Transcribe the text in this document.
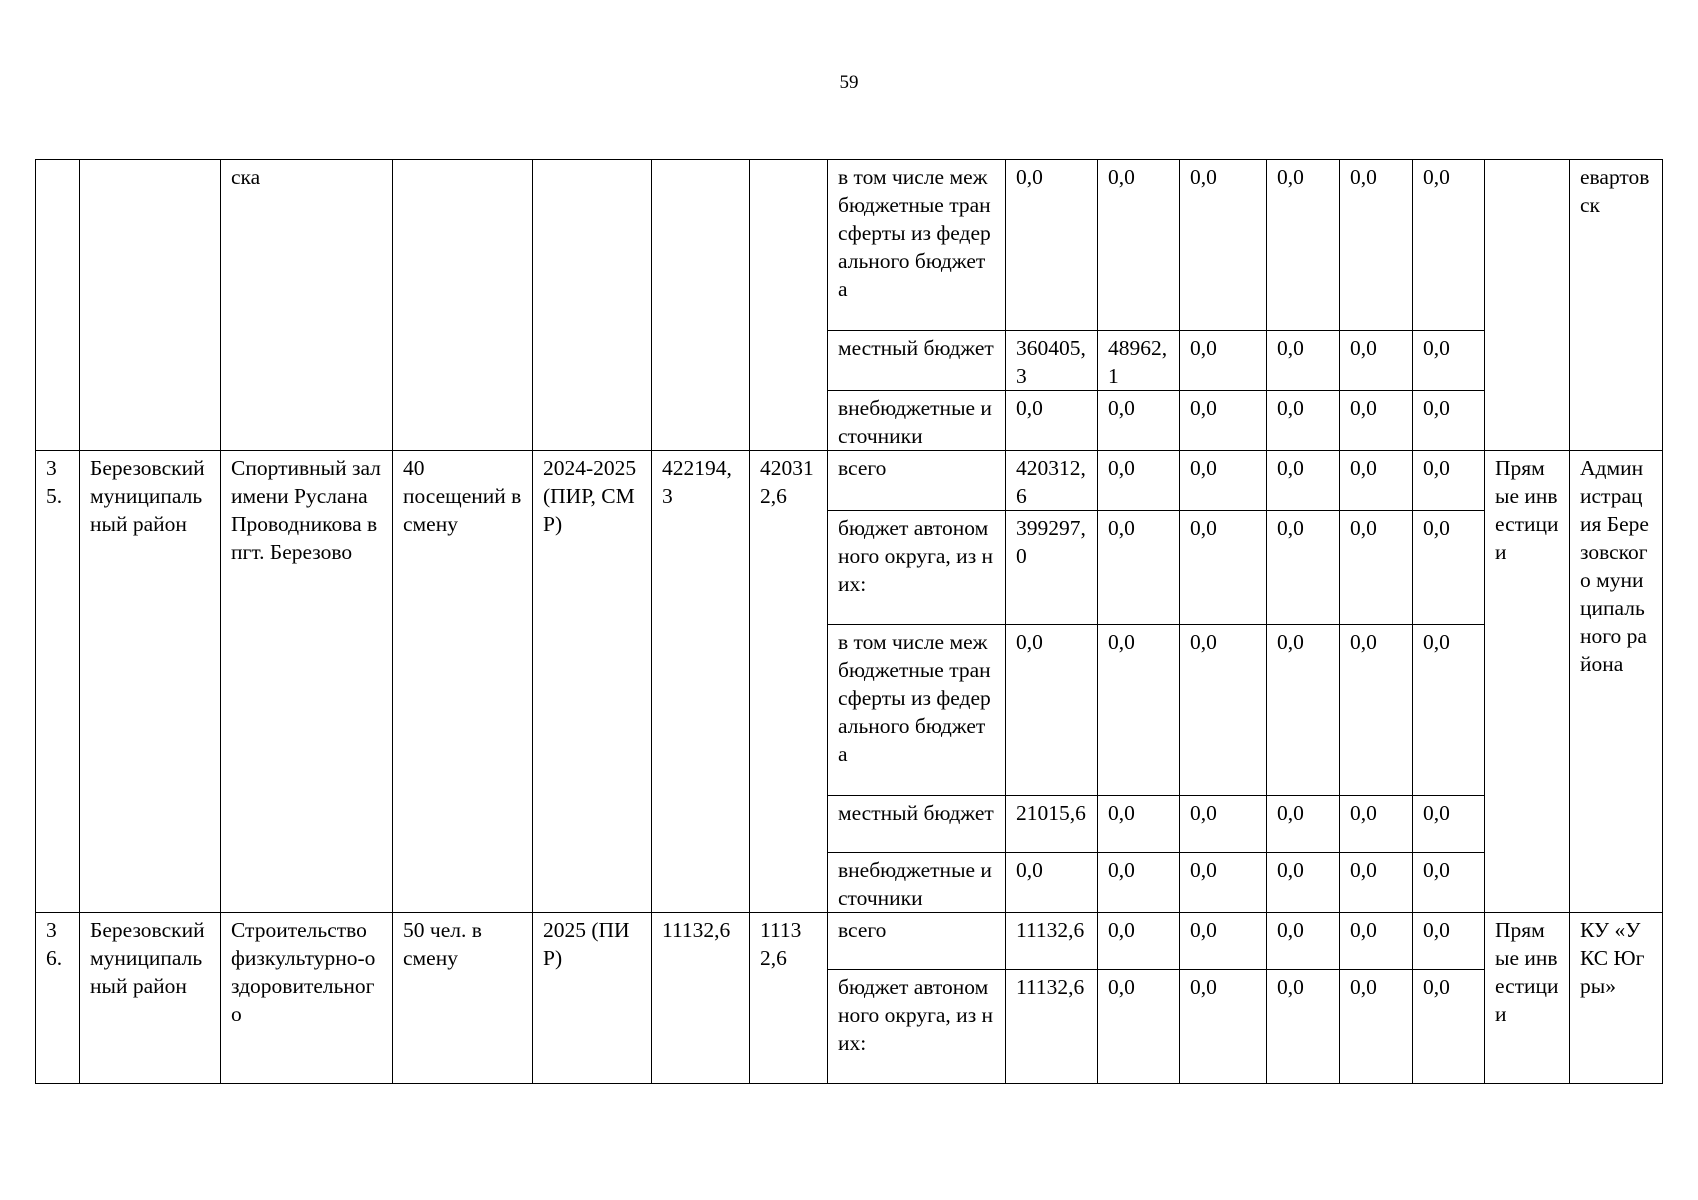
59
		ска					в том числе межбюджетные трансферты из федерального бюджета	0,0	0,0	0,0	0,0	0,0	0,0		евартовск
							местный бюджет	360405,3	48962,1	0,0	0,0	0,0	0,0		
							внебюджетные источники	0,0	0,0	0,0	0,0	0,0	0,0		
35.	Березовский муниципальный район	Спортивный зал имени Руслана Проводникова в пгт. Березово	40 посещений в смену	2024-2025 (ПИР, СМР)	422194,3	420312,6	всего	420312,6	0,0	0,0	0,0	0,0	0,0	Прямые инвестиции	Администрация Березовского муниципального района
							бюджет автономного округа, из них:	399297,0	0,0	0,0	0,0	0,0	0,0		
							в том числе межбюджетные трансферты из федерального бюджета	0,0	0,0	0,0	0,0	0,0	0,0		
							местный бюджет	21015,6	0,0	0,0	0,0	0,0	0,0		
							внебюджетные источники	0,0	0,0	0,0	0,0	0,0	0,0		
36.	Березовский муниципальный район	Строительство физкультурно-оздоровительного	50 чел. в смену	2025 (ПИР)	11132,6	11132,6	всего	11132,6	0,0	0,0	0,0	0,0	0,0	Прямые инвестиции	КУ «УКС Югры»
							бюджет автономного округа, из них:	11132,6	0,0	0,0	0,0	0,0	0,0		
